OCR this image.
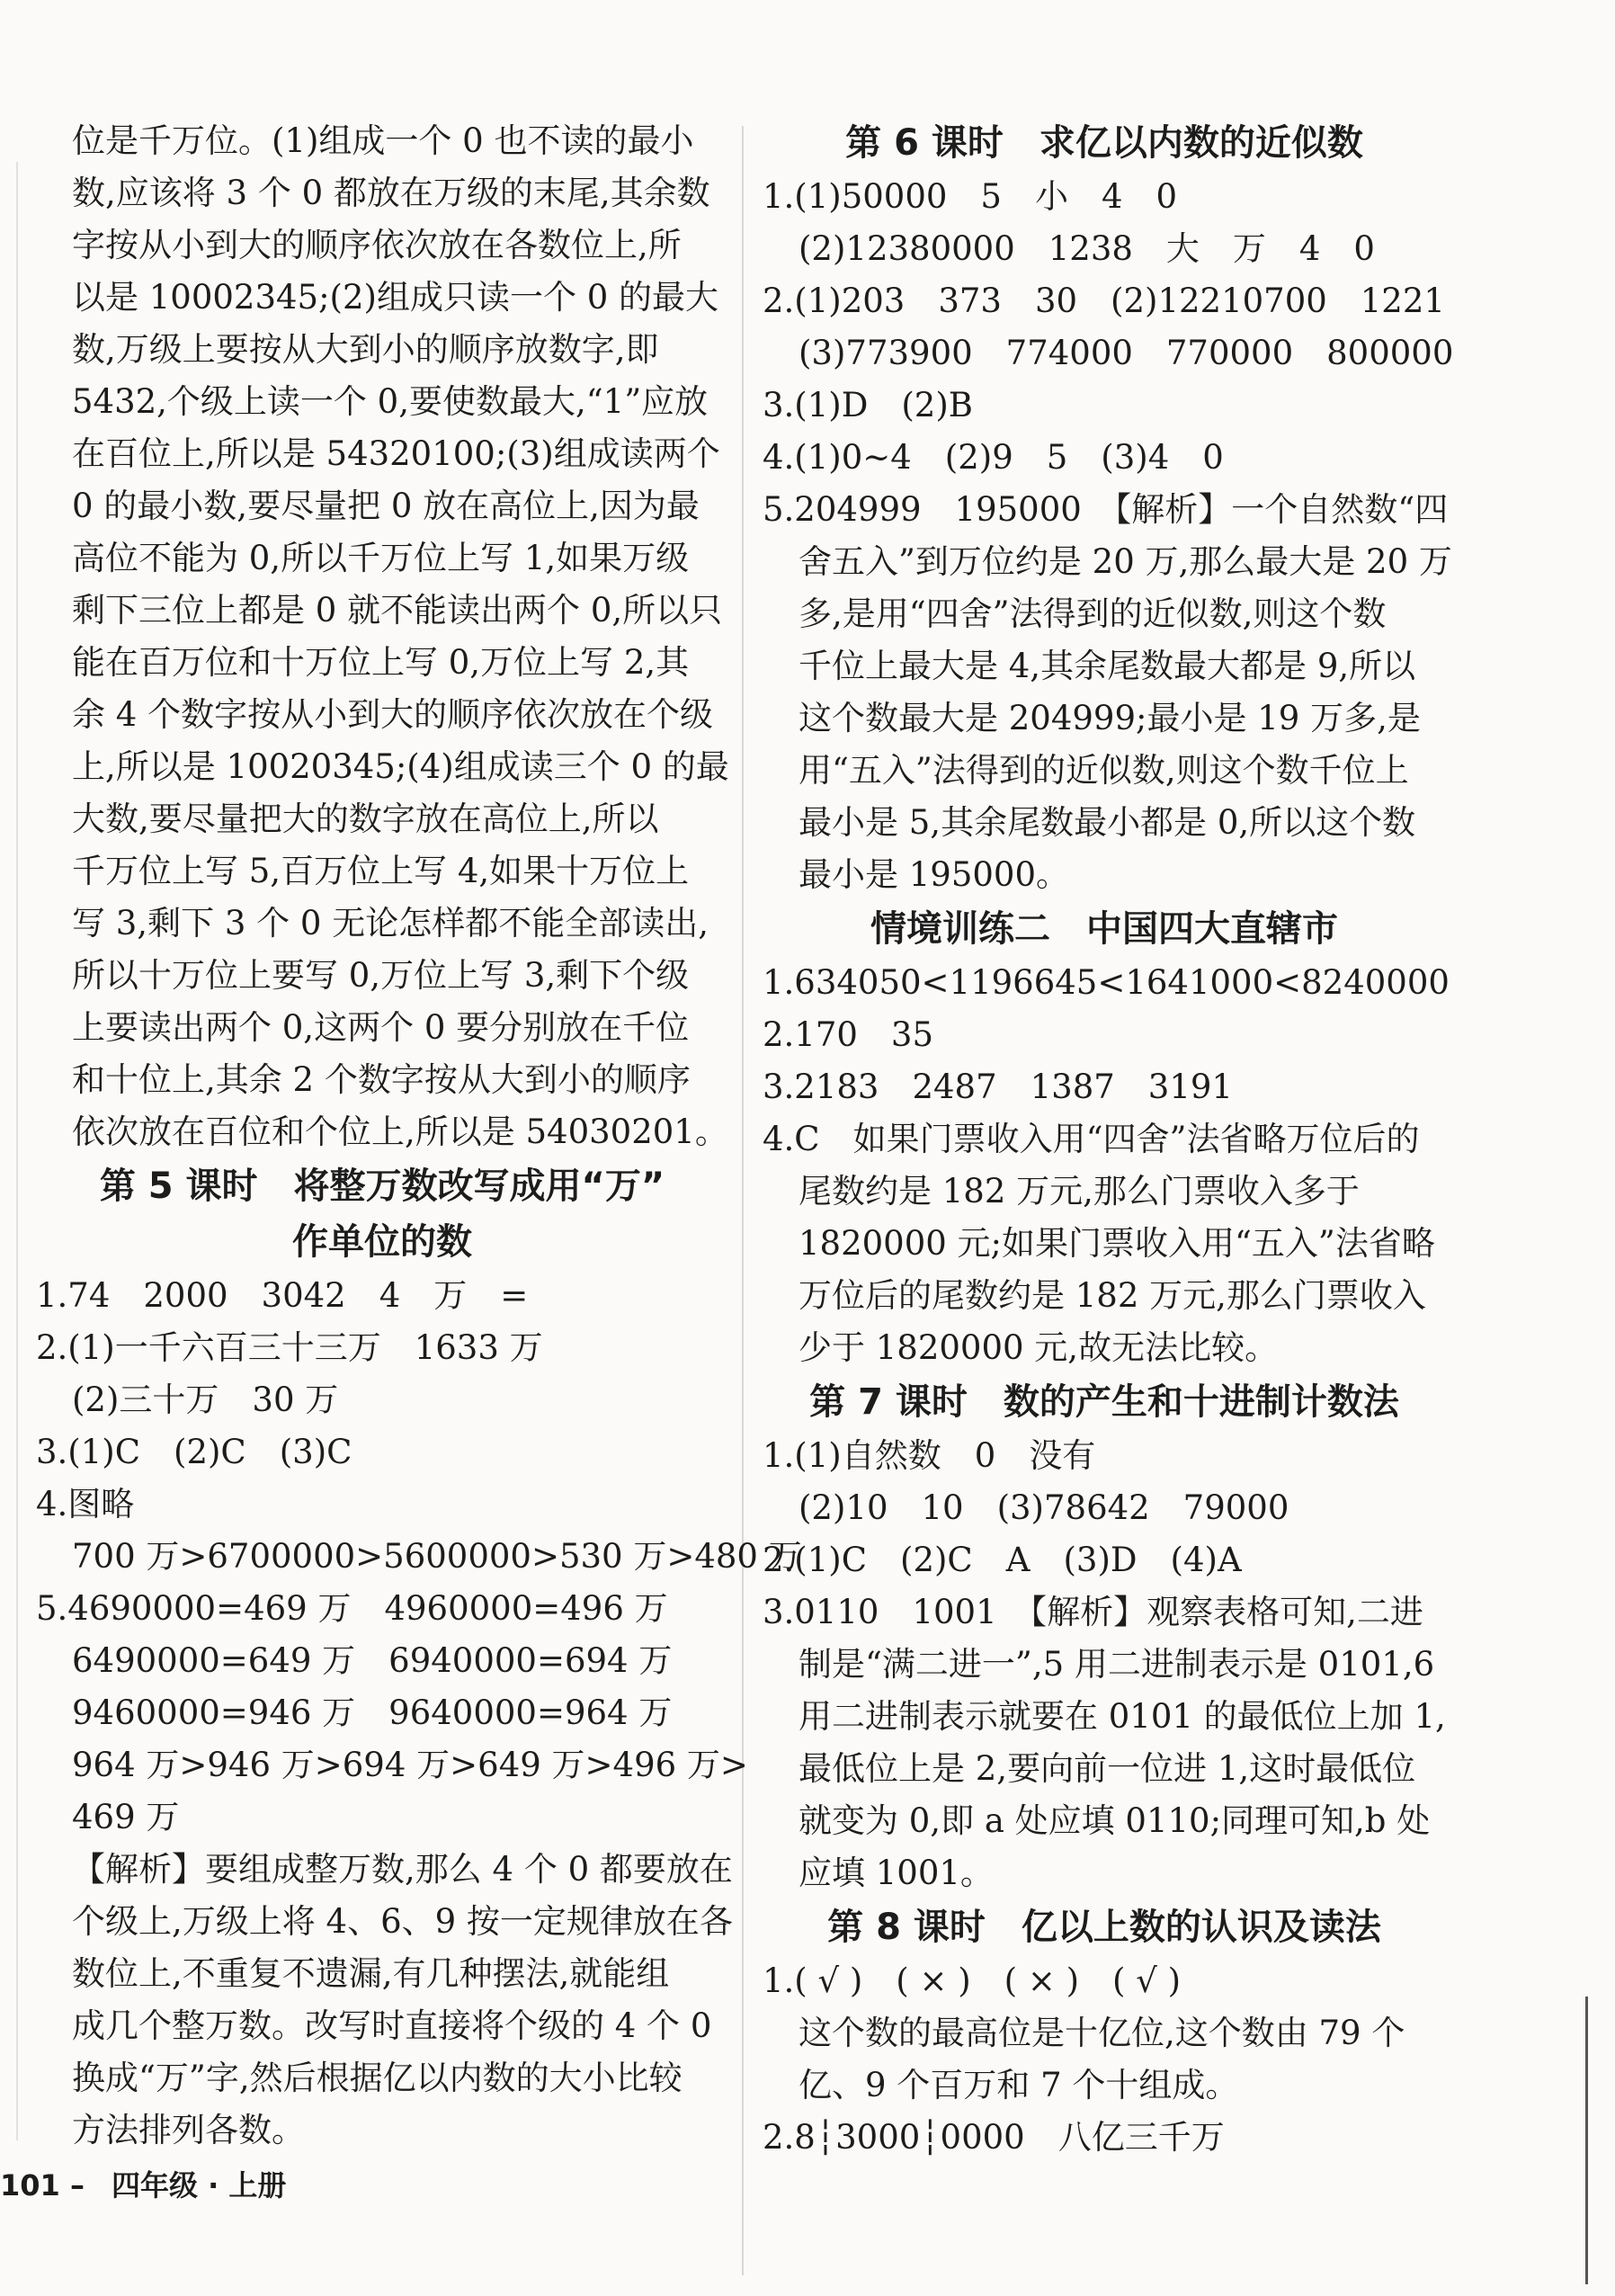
位是千万位。(1)组成一个 0 也不读的最小
数,应该将 3 个 0 都放在万级的末尾,其余数
字按从小到大的顺序依次放在各数位上,所
以是 10002345;(2)组成只读一个 0 的最大
数,万级上要按从大到小的顺序放数字,即
5432,个级上读一个 0,要使数最大,“1”应放
在百位上,所以是 54320100;(3)组成读两个
0 的最小数,要尽量把 0 放在高位上,因为最
高位不能为 0,所以千万位上写 1,如果万级
剩下三位上都是 0 就不能读出两个 0,所以只
能在百万位和十万位上写 0,万位上写 2,其
余 4 个数字按从小到大的顺序依次放在个级
上,所以是 10020345;(4)组成读三个 0 的最
大数,要尽量把大的数字放在高位上,所以
千万位上写 5,百万位上写 4,如果十万位上
写 3,剩下 3 个 0 无论怎样都不能全部读出,
所以十万位上要写 0,万位上写 3,剩下个级
上要读出两个 0,这两个 0 要分别放在千位
和十位上,其余 2 个数字按从大到小的顺序
依次放在百位和个位上,所以是 54030201。
第 5 课时 将整万数改写成用“万”
作单位的数
1.74　2000　3042　4　万　=
2.(1)一千六百三十三万　1633 万
(2)三十万　30 万
3.(1)C　(2)C　(3)C
4.图略
700 万>6700000>5600000>530 万>480 万
5.4690000=469 万　4960000=496 万
6490000=649 万　6940000=694 万
9460000=946 万　9640000=964 万
964 万>946 万>694 万>649 万>496 万>
469 万
【解析】要组成整万数,那么 4 个 0 都要放在
个级上,万级上将 4、6、9 按一定规律放在各
数位上,不重复不遗漏,有几种摆法,就能组
成几个整万数。改写时直接将个级的 4 个 0
换成“万”字,然后根据亿以内数的大小比较
方法排列各数。
第 6 课时 求亿以内数的近似数
1.(1)50000　5　小　4　0
(2)12380000　1238　大　万　4　0
2.(1)203　373　30　(2)12210700　1221
(3)773900　774000　770000　800000
3.(1)D　(2)B
4.(1)0~4　(2)9　5　(3)4　0
5.204999　195000　【解析】一个自然数“四
舍五入”到万位约是 20 万,那么最大是 20 万
多,是用“四舍”法得到的近似数,则这个数
千位上最大是 4,其余尾数最大都是 9,所以
这个数最大是 204999;最小是 19 万多,是
用“五入”法得到的近似数,则这个数千位上
最小是 5,其余尾数最小都是 0,所以这个数
最小是 195000。
情境训练二 中国四大直辖市
1.634050<1196645<1641000<8240000
2.170　35
3.2183　2487　1387　3191
4.C　如果门票收入用“四舍”法省略万位后的
尾数约是 182 万元,那么门票收入多于
1820000 元;如果门票收入用“五入”法省略
万位后的尾数约是 182 万元,那么门票收入
少于 1820000 元,故无法比较。
第 7 课时 数的产生和十进制计数法
1.(1)自然数　0　没有
(2)10　10　(3)78642　79000
2.(1)C　(2)C　A　(3)D　(4)A
3.0110　1001　【解析】观察表格可知,二进
制是“满二进一”,5 用二进制表示是 0101,6
用二进制表示就要在 0101 的最低位上加 1,
最低位上是 2,要向前一位进 1,这时最低位
就变为 0,即 a 处应填 0110;同理可知,b 处
应填 1001。
第 8 课时 亿以上数的认识及读法
1.( √ )　( × )　( × )　( √ )
这个数的最高位是十亿位,这个数由 79 个
亿、9 个百万和 7 个十组成。
2.8┆3000┆0000　八亿三千万
101 – 四年级 · 上册
